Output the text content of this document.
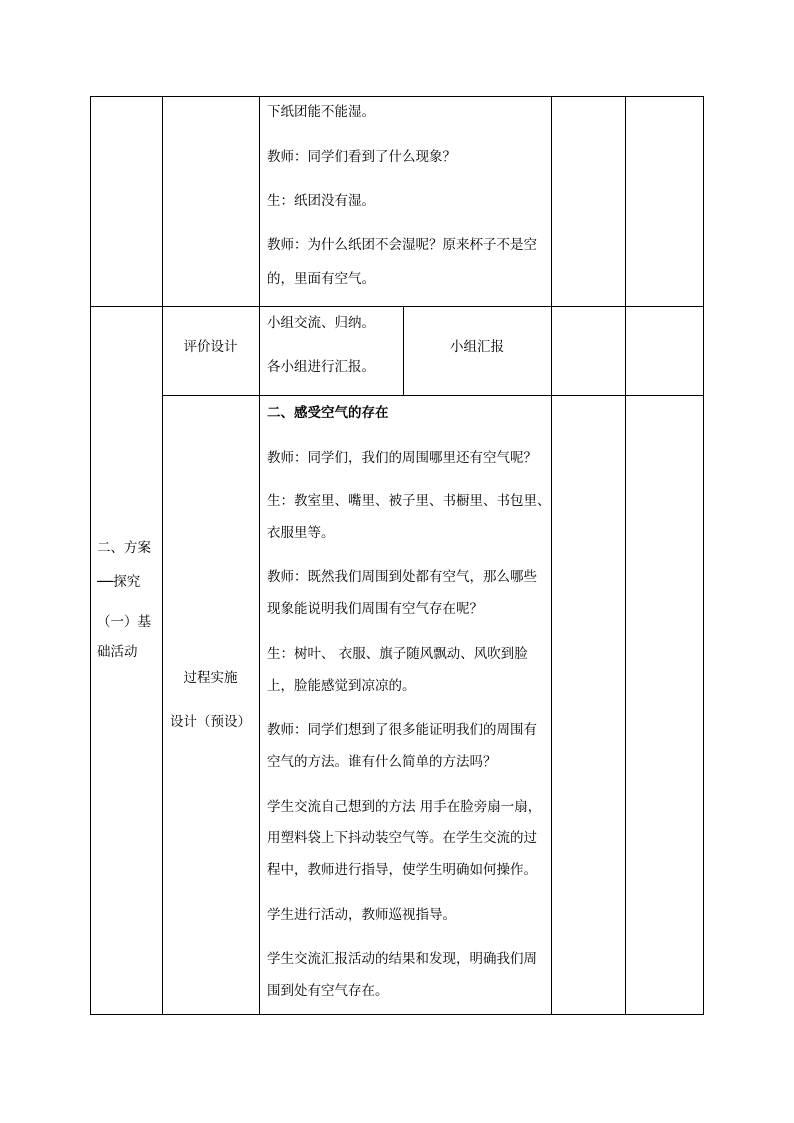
下纸团能不能湿。
教师：同学们看到了什么现象？
生：纸团没有湿。
教师：为什么纸团不会湿呢？原来杯子不是空
的，里面有空气。
评价设计
小组交流、归纳。
各小组进行汇报。
小组汇报
二、方案
──探究
（一）基
础活动
过程实施
设计（预设）
二、感受空气的存在
教师：同学们，我们的周围哪里还有空气呢？
生：教室里、嘴里、被子里、书橱里、书包里、
衣服里等。
教师：既然我们周围到处都有空气，那么哪些
现象能说明我们周围有空气存在呢？
生：树叶、 衣服、旗子随风飘动、风吹到脸
上，脸能感觉到凉凉的。
教师：同学们想到了很多能证明我们的周围有
空气的方法。谁有什么简单的方法吗？
学生交流自己想到的方法 用手在脸旁扇一扇，
用塑料袋上下抖动装空气等。在学生交流的过
程中，教师进行指导，使学生明确如何操作。
学生进行活动，教师巡视指导。
学生交流汇报活动的结果和发现，明确我们周
围到处有空气存在。
